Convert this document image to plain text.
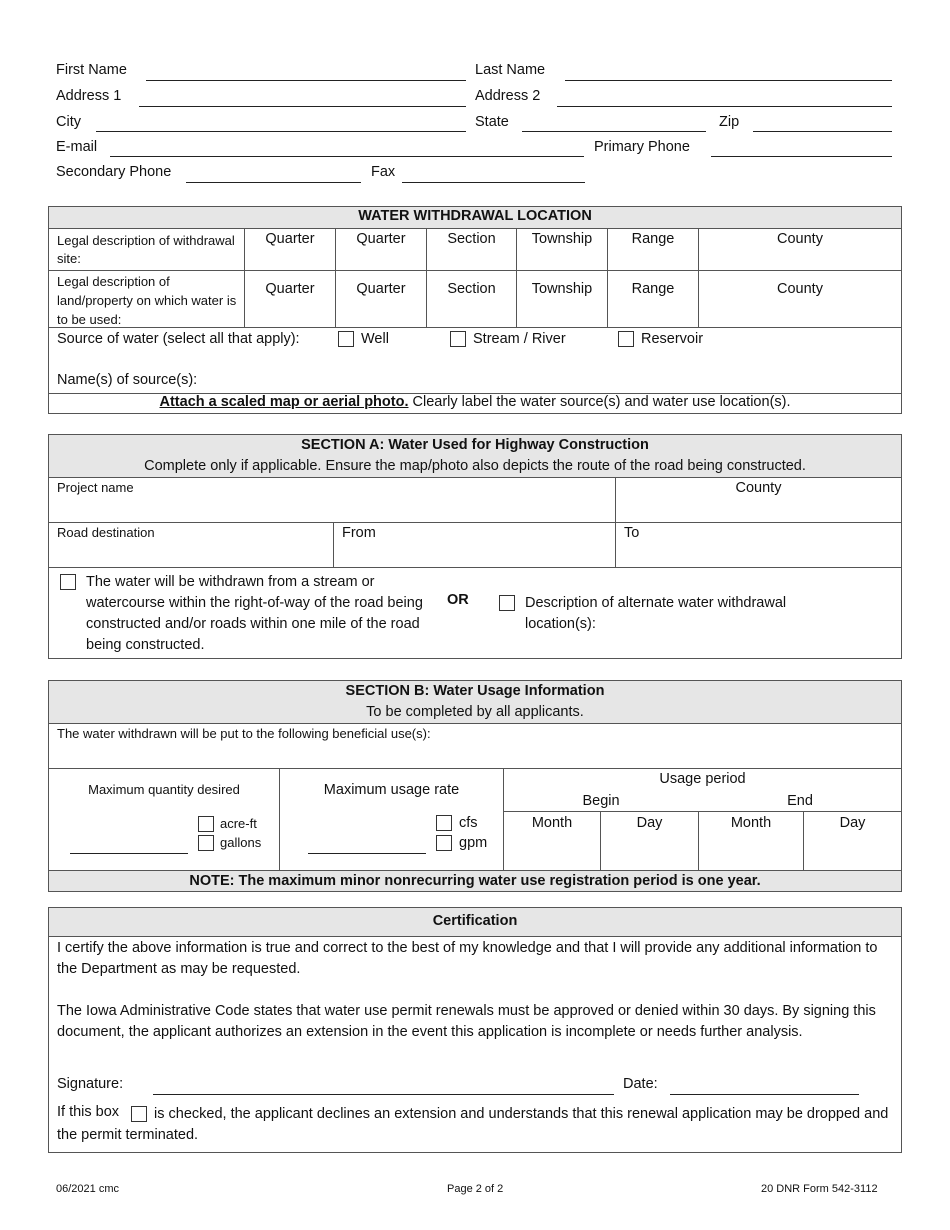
First Name	Last Name
Address 1	Address 2
City	State	Zip
E-mail	Primary Phone
Secondary Phone	Fax
WATER WITHDRAWAL LOCATION
Legal description of withdrawal site:
Quarter	Quarter	Section	Township	Range	County
Legal description of land/property on which water is to be used:
Quarter	Quarter	Section	Township	Range	County
Source of water (select all that apply):	Well	Stream / River	Reservoir
Name(s) of source(s):
Attach a scaled map or aerial photo. Clearly label the water source(s) and water use location(s).
SECTION A: Water Used for Highway Construction
Complete only if applicable. Ensure the map/photo also depicts the route of the road being constructed.
Project name	County
Road destination	From	To
The water will be withdrawn from a stream or watercourse within the right-of-way of the road being constructed and/or roads within one mile of the road being constructed.
OR	Description of alternate water withdrawal location(s):
SECTION B: Water Usage Information
To be completed by all applicants.
The water withdrawn will be put to the following beneficial use(s):
Maximum quantity desired	Maximum usage rate
Usage period
Begin	End
Month	Day	Month	Day
acre-ft
gallons
cfs
gpm
NOTE: The maximum minor nonrecurring water use registration period is one year.
Certification
I certify the above information is true and correct to the best of my knowledge and that I will provide any additional information to the Department as may be requested.
The Iowa Administrative Code states that water use permit renewals must be approved or denied within 30 days. By signing this document, the applicant authorizes an extension in the event this application is incomplete or needs further analysis.
Signature:	Date:
If this box	is checked, the applicant declines an extension and understands that this renewal application may be dropped and the permit terminated.
06/2021 cmc	Page 2 of 2	20 DNR Form 542-3112
